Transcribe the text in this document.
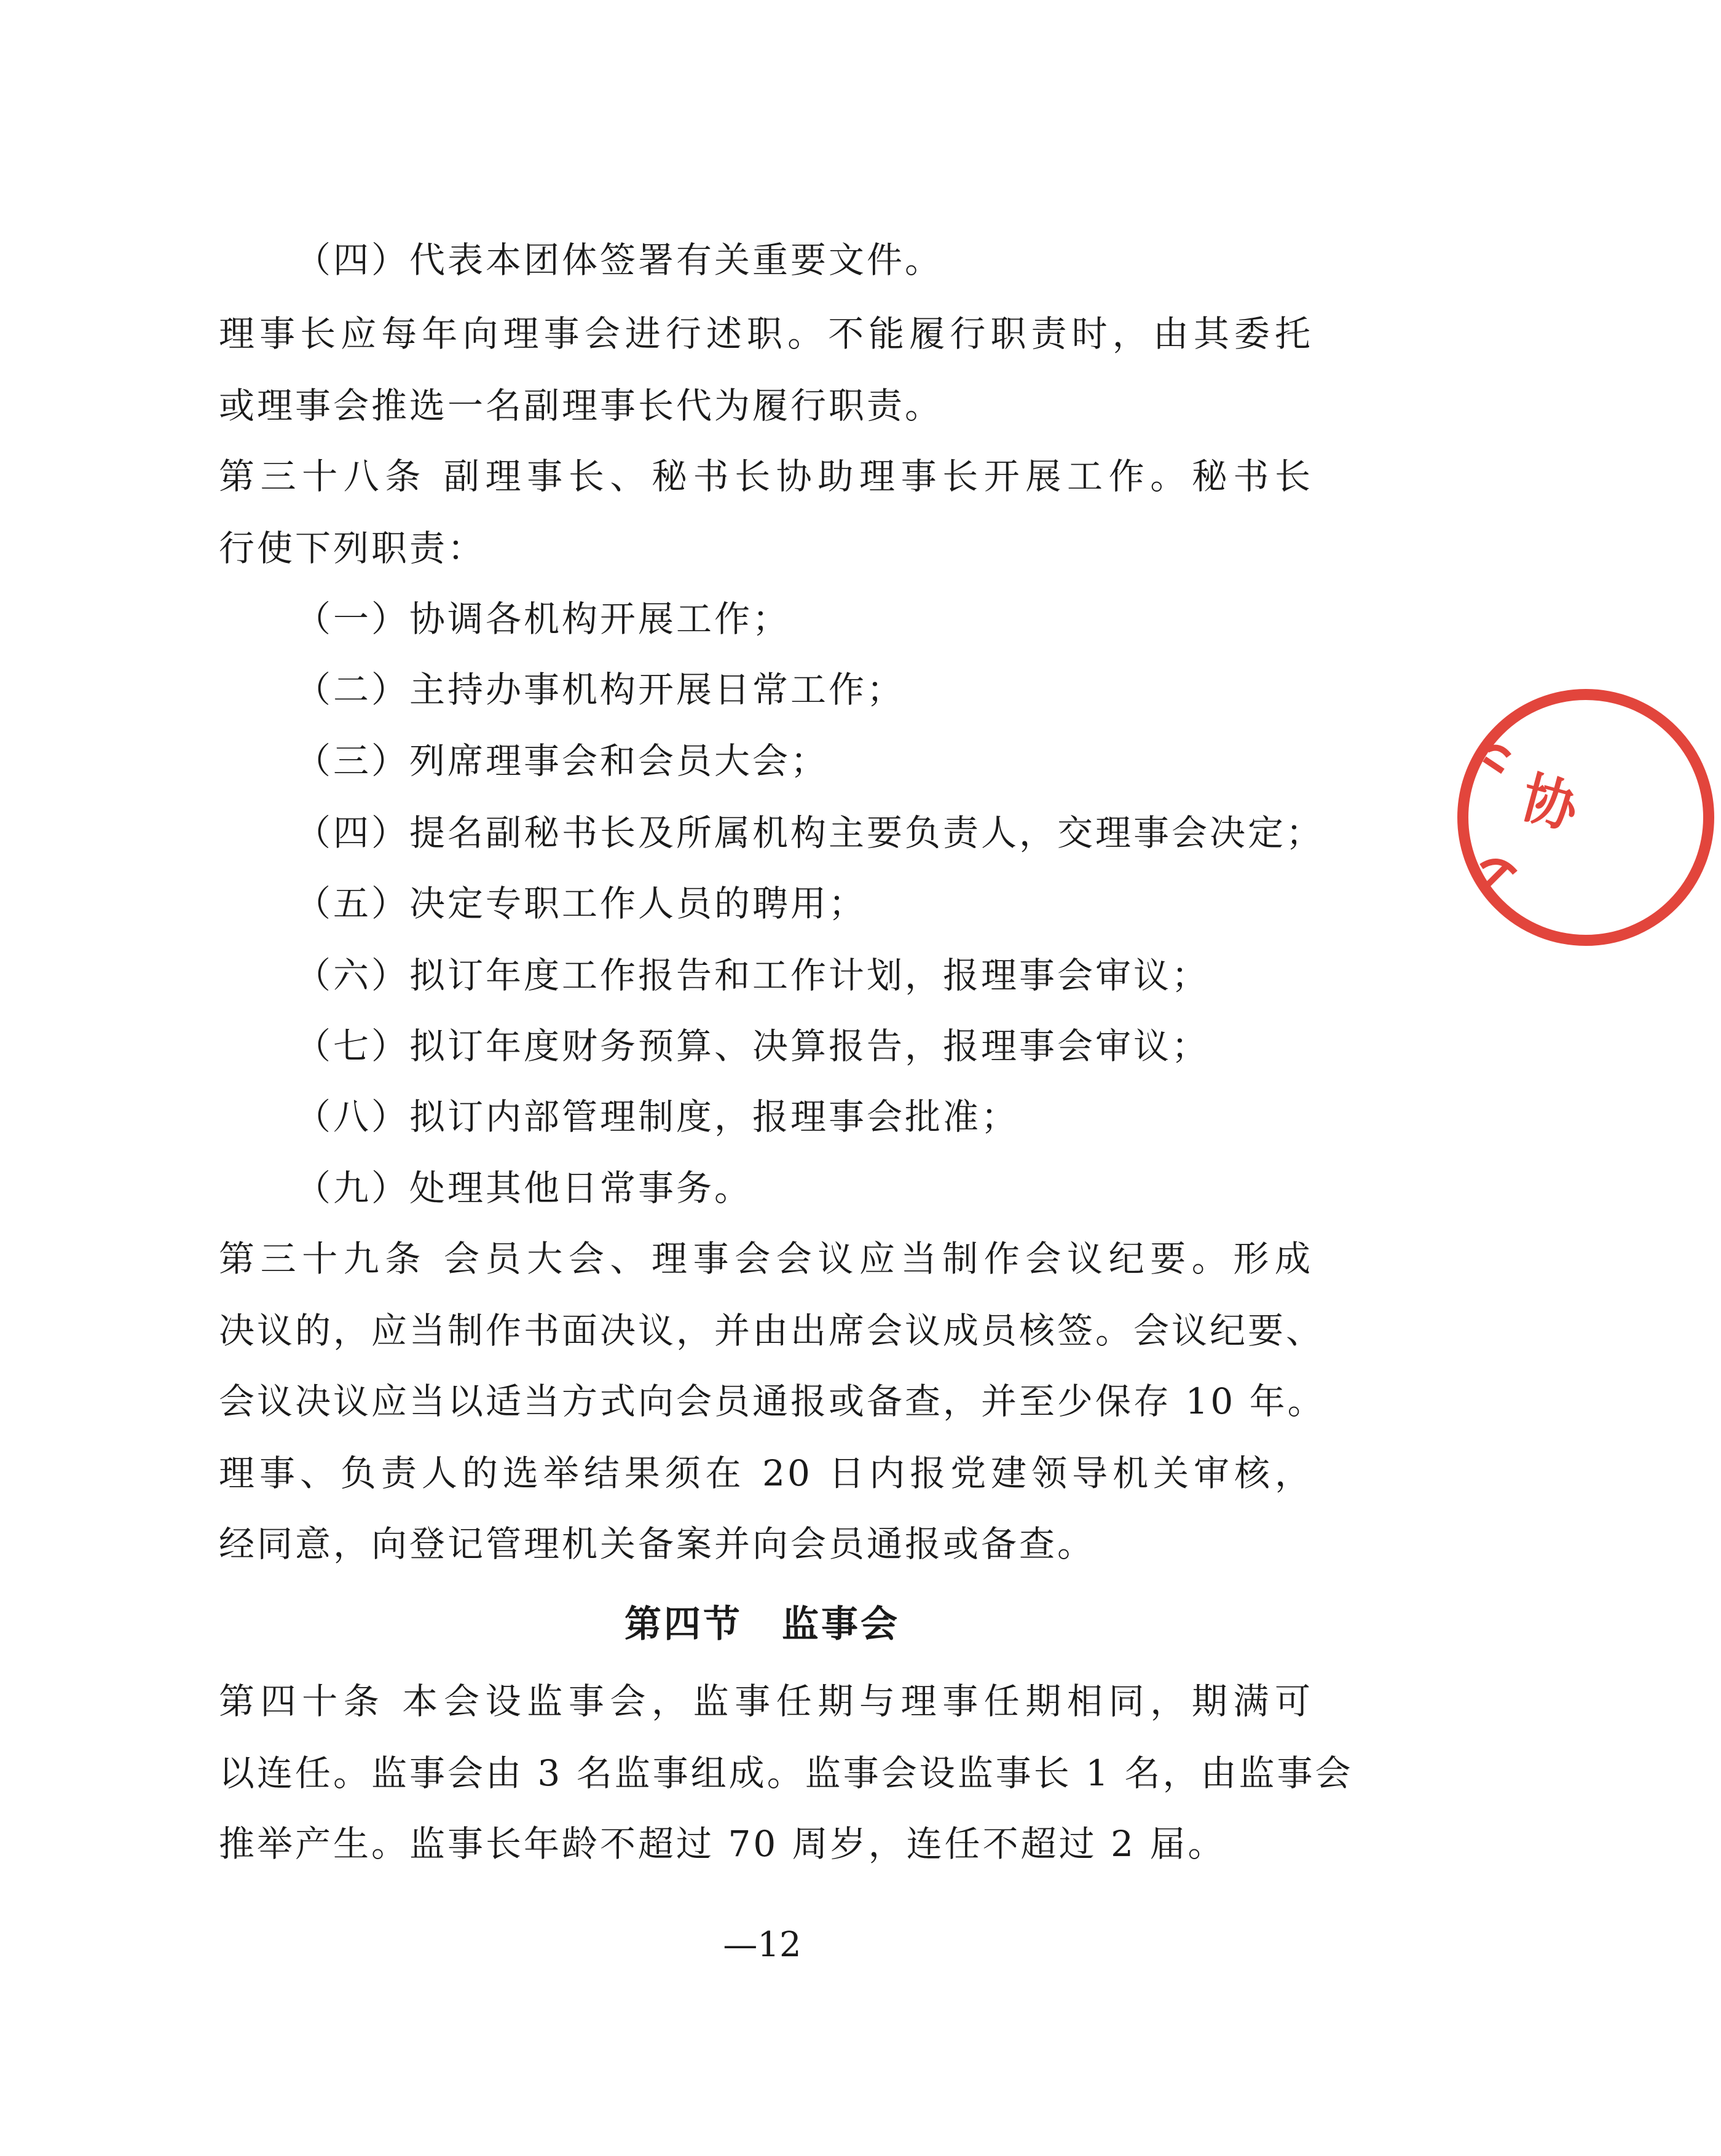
（四）代表本团体签署有关重要文件。
理事长应每年向理事会进行述职。不能履行职责时，由其委托
或理事会推选一名副理事长代为履行职责。
第三十八条 副理事长、秘书长协助理事长开展工作。秘书长
行使下列职责：
（一）协调各机构开展工作；
（二）主持办事机构开展日常工作；
（三）列席理事会和会员大会；
（四）提名副秘书长及所属机构主要负责人，交理事会决定；
（五）决定专职工作人员的聘用；
（六）拟订年度工作报告和工作计划，报理事会审议；
（七）拟订年度财务预算、决算报告，报理事会审议；
（八）拟订内部管理制度，报理事会批准；
（九）处理其他日常事务。
第三十九条 会员大会、理事会会议应当制作会议纪要。形成
决议的，应当制作书面决议，并由出席会议成员核签。会议纪要、
会议决议应当以适当方式向会员通报或备查，并至少保存 10 年。
理事、负责人的选举结果须在 20 日内报党建领导机关审核，
经同意，向登记管理机关备案并向会员通报或备查。
第四节　监事会
第四十条 本会设监事会，监事任期与理事任期相同，期满可
以连任。监事会由 3 名监事组成。监事会设监事长 1 名，由监事会
推举产生。监事长年龄不超过 70 周岁，连任不超过 2 届。
—12
协
